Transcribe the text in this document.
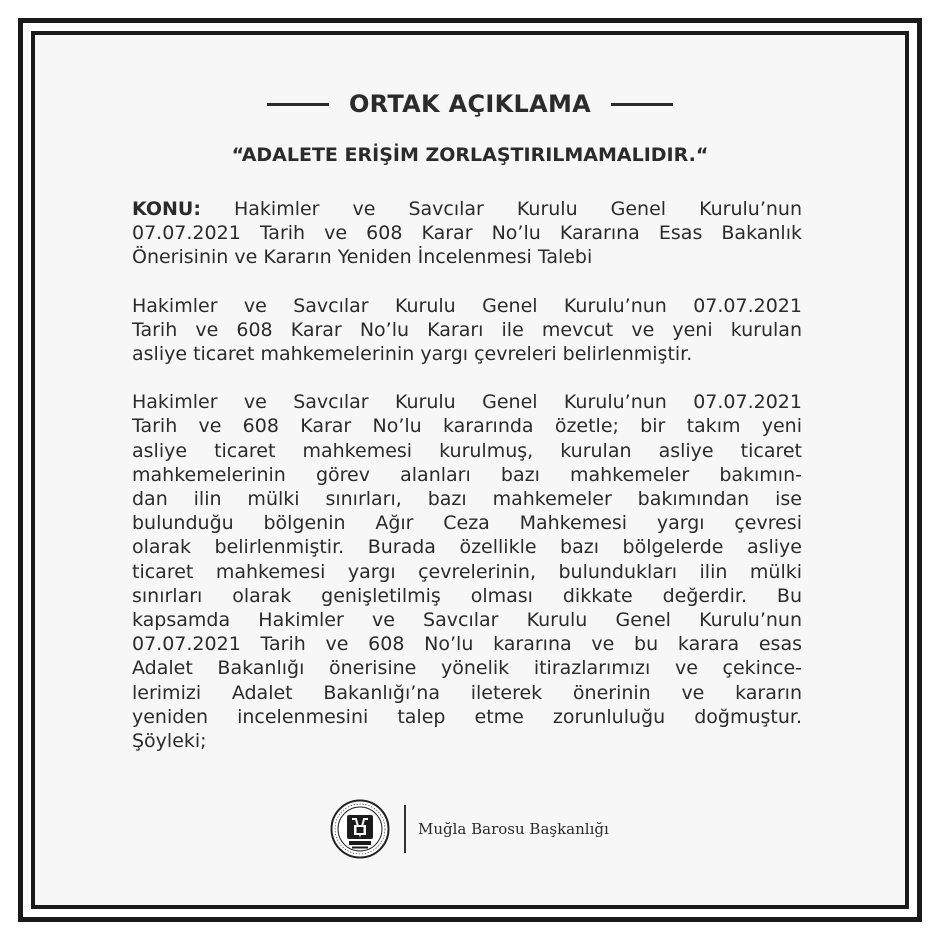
ORTAK AÇIKLAMA

“ADALETE ERİŞİM ZORLAŞTIRILMAMALIDIR.“

KONU: Hakimler ve Savcılar Kurulu Genel Kurulu’nun

07.07.2021 Tarih ve 608 Karar No’lu Kararına Esas Bakanlık

Önerisinin ve Kararın Yeniden İncelenmesi Talebi

Hakimler ve Savcılar Kurulu Genel Kurulu’nun 07.07.2021

Tarih ve 608 Karar No’lu Kararı ile mevcut ve yeni kurulan

asliye ticaret mahkemelerinin yargı çevreleri belirlenmiştir.

Hakimler ve Savcılar Kurulu Genel Kurulu’nun 07.07.2021

Tarih ve 608 Karar No’lu kararında özetle; bir takım yeni

asliye ticaret mahkemesi kurulmuş, kurulan asliye ticaret

mahkemelerinin görev alanları bazı mahkemeler bakımın-

dan ilin mülki sınırları, bazı mahkemeler bakımından ise

bulunduğu bölgenin Ağır Ceza Mahkemesi yargı çevresi

olarak belirlenmiştir. Burada özellikle bazı bölgelerde asliye

ticaret mahkemesi yargı çevrelerinin, bulundukları ilin mülki

sınırları olarak genişletilmiş olması dikkate değerdir. Bu

kapsamda Hakimler ve Savcılar Kurulu Genel Kurulu’nun

07.07.2021 Tarih ve 608 No’lu kararına ve bu karara esas

Adalet Bakanlığı önerisine yönelik itirazlarımızı ve çekince-

lerimizi Adalet Bakanlığı’na ileterek önerinin ve kararın

yeniden incelenmesini talep etme zorunluluğu doğmuştur.

Şöyleki;

Muğla Barosu Başkanlığı
